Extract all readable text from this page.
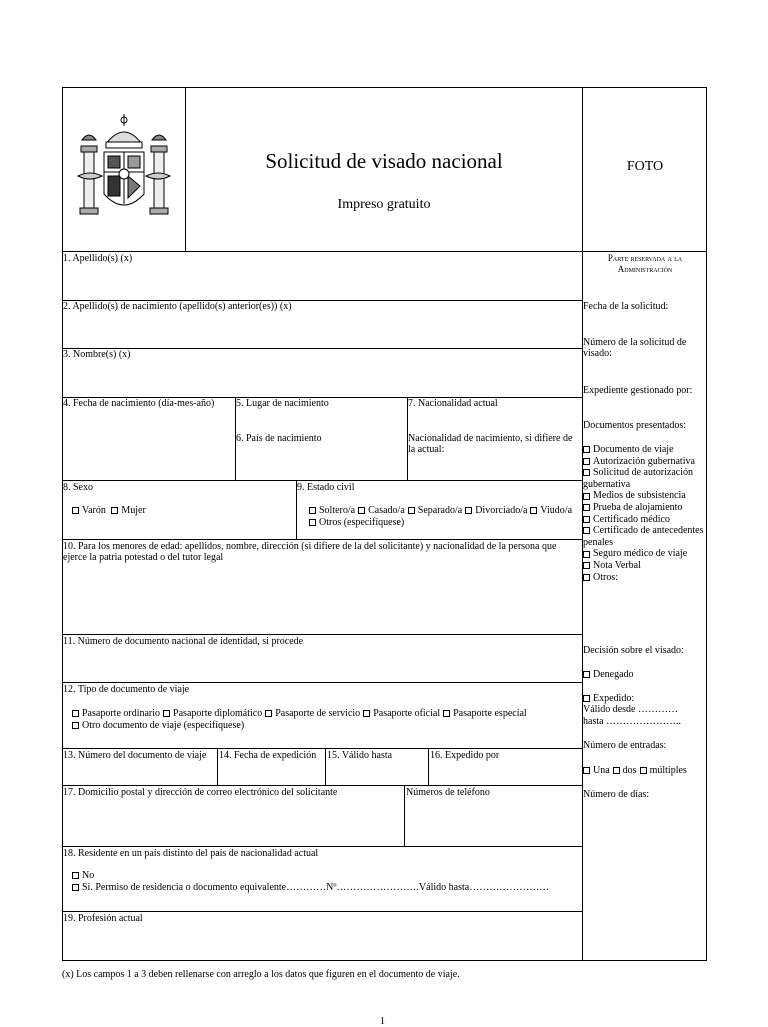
Solicitud de visado nacional
Impreso gratuito
FOTO
1. Apellido(s) (x)
2. Apellido(s) de nacimiento (apellido(s) anterior(es)) (x)
3. Nombre(s) (x)
4. Fecha de nacimiento (día-mes-año) 5. Lugar de nacimiento
6. País de nacimiento
7. Nacionalidad actual
Nacionalidad de nacimiento, si difiere de la actual:
8. Sexo
Varón Mujer
9. Estado civil
Soltero/a Casado/a Separado/a Divorciado/a Viudo/a
Otros (especifíquese)
10. Para los menores de edad: apellidos, nombre, dirección (si difiere de la del solicitante) y nacionalidad de la persona que ejerce la patria potestad o del tutor legal
11. Número de documento nacional de identidad, si procede
12. Tipo de documento de viaje
Pasaporte ordinario Pasaporte diplomático Pasaporte de servicio Pasaporte oficial Pasaporte especial
Otro documento de viaje (especifíquese)
13. Número del documento de viaje 14. Fecha de expedición 15. Válido hasta	16. Expedido por
17. Domicilio postal y dirección de correo electrónico del solicitante	Números de teléfono
18. Residente en un país distinto del país de nacionalidad actual
No
Sí. Permiso de residencia o documento equivalente…………Nº…………………….Válido hasta……………………
19. Profesión actual
Parte reservada a la Administración
Fecha de la solicitud:
Número de la solicitud de visado:
Expediente gestionado por:
Documentos presentados:
Documento de viaje
Autorización gubernativa
Solicitud de autorización gubernativa
Medios de subsistencia
Prueba de alojamiento
Certificado médico
Certificado de antecedentes penales
Seguro médico de viaje
Nota Verbal
Otros:
Decisión sobre el visado:
Denegado
Expedido:
Válido desde …………
hasta …………………..
Número de entradas:
Una dos múltiples
Número de días:
(x) Los campos 1 a 3 deben rellenarse con arreglo a los datos que figuren en el documento de viaje.
1
